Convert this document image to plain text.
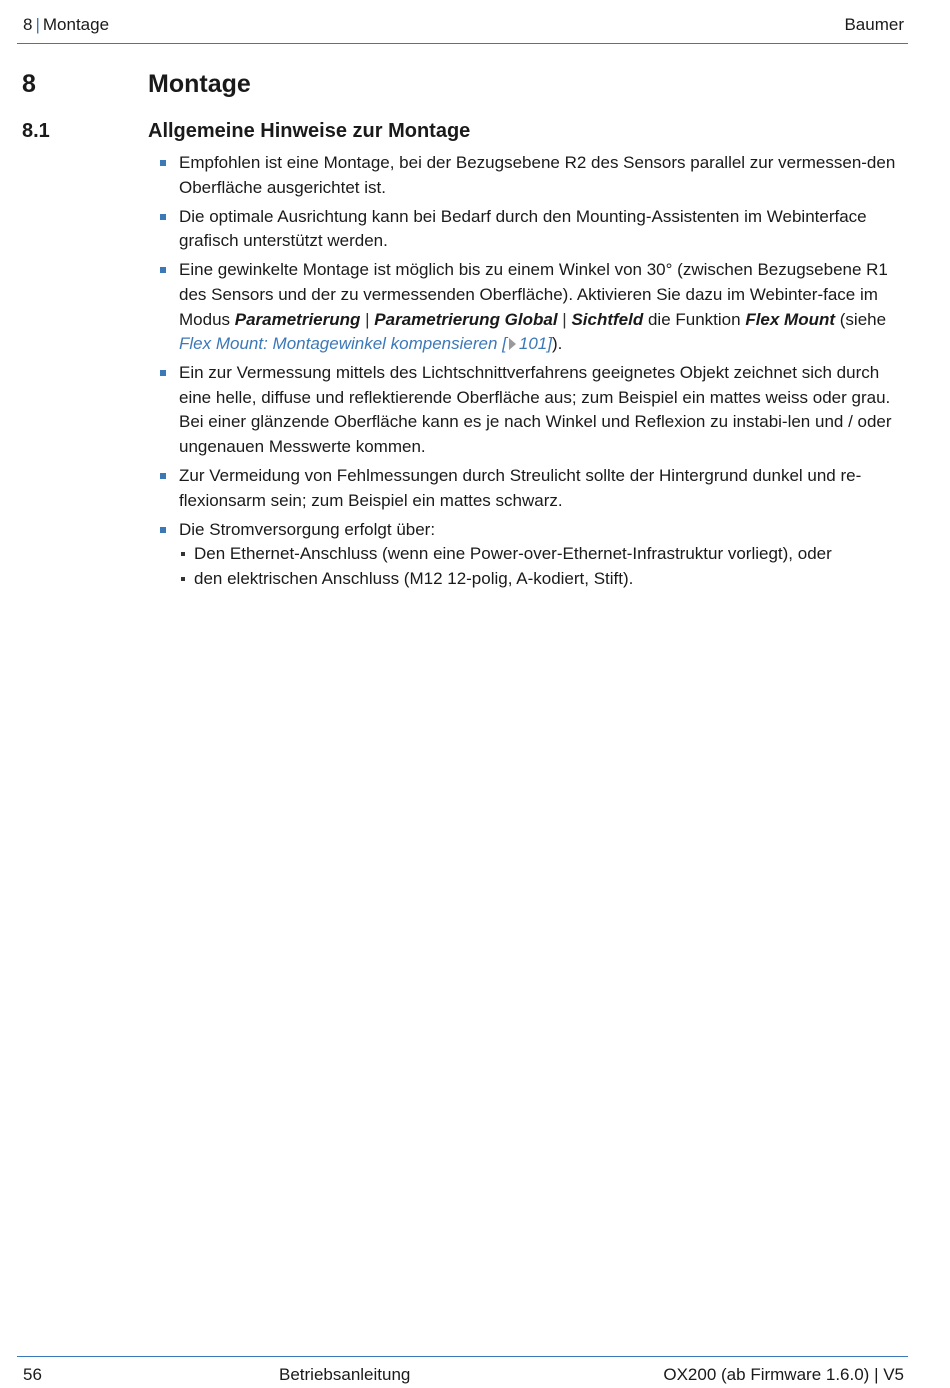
8 | Montage	Baumer
8	Montage
8.1	Allgemeine Hinweise zur Montage
Empfohlen ist eine Montage, bei der Bezugsebene R2 des Sensors parallel zur vermessen-den Oberfläche ausgerichtet ist.
Die optimale Ausrichtung kann bei Bedarf durch den Mounting-Assistenten im Webinterface grafisch unterstützt werden.
Eine gewinkelte Montage ist möglich bis zu einem Winkel von 30° (zwischen Bezugsebene R1 des Sensors und der zu vermessenden Oberfläche). Aktivieren Sie dazu im Webinter-face im Modus Parametrierung | Parametrierung Global | Sichtfeld die Funktion Flex Mount (siehe Flex Mount: Montagewinkel kompensieren [ 101]).
Ein zur Vermessung mittels des Lichtschnittverfahrens geeignetes Objekt zeichnet sich durch eine helle, diffuse und reflektierende Oberfläche aus; zum Beispiel ein mattes weiss oder grau. Bei einer glänzende Oberfläche kann es je nach Winkel und Reflexion zu instabi-len und / oder ungenauen Messwerte kommen.
Zur Vermeidung von Fehlmessungen durch Streulicht sollte der Hintergrund dunkel und re-flexionsarm sein; zum Beispiel ein mattes schwarz.
Die Stromversorgung erfolgt über:
Den Ethernet-Anschluss (wenn eine Power-over-Ethernet-Infrastruktur vorliegt), oder
den elektrischen Anschluss (M12 12-polig, A-kodiert, Stift).
56	Betriebsanleitung	OX200 (ab Firmware 1.6.0) | V5
